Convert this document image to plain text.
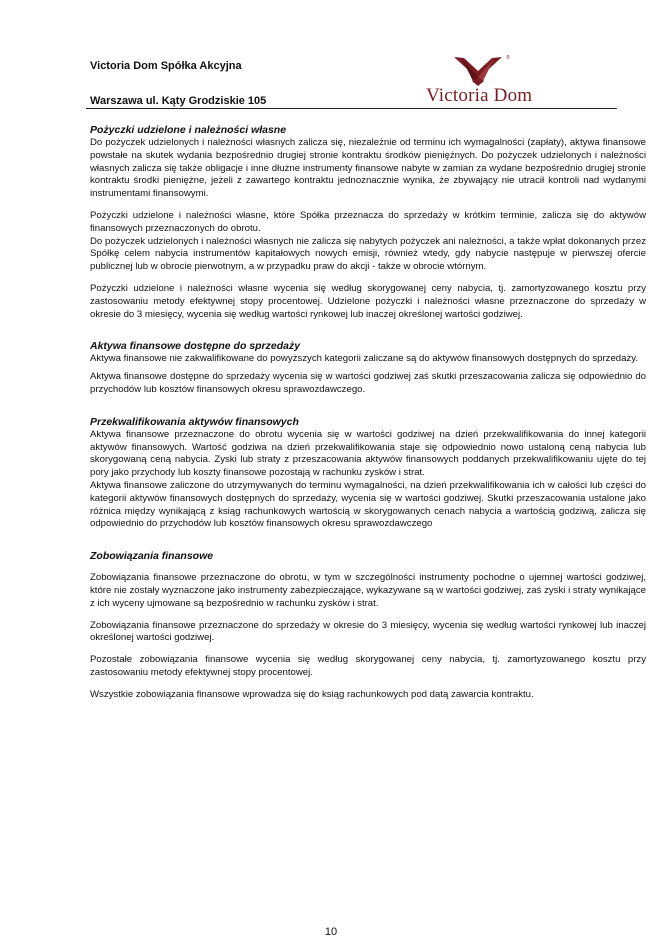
Victoria Dom Spółka Akcyjna
Warszawa ul. Kąty Grodziskie 105
®
Victoria Dom
Pożyczki udzielone i należności własne
Do pożyczek udzielonych i należności własnych zalicza się, niezależnie od terminu ich wymagalności (zapłaty), aktywa finansowe powstałe na skutek wydania bezpośrednio drugiej stronie kontraktu środków pieniężnych. Do pożyczek udzielonych i należności własnych zalicza się także obligacje i inne dłużne instrumenty finansowe nabyte w zamian za wydane bezpośrednio drugiej stronie kontraktu środki pieniężne, jeżeli z zawartego kontraktu jednoznacznie wynika, że zbywający nie utracił kontroli nad wydanymi instrumentami finansowymi.
Pożyczki udzielone i należności własne, które Spółka przeznacza do sprzedaży w krótkim terminie, zalicza się do aktywów finansowych przeznaczonych do obrotu.
Do pożyczek udzielonych i należności własnych nie zalicza się nabytych pożyczek ani należności, a także wpłat dokonanych przez Spółkę celem nabycia instrumentów kapitałowych nowych emisji, również wtedy, gdy nabycie następuje w pierwszej ofercie publicznej lub w obrocie pierwotnym, a w przypadku praw do akcji - także w obrocie wtórnym.
Pożyczki udzielone i należności własne wycenia się według skorygowanej ceny nabycia, tj. zamortyzowanego kosztu przy zastosowaniu metody efektywnej stopy procentowej. Udzielone pożyczki i należności własne przeznaczone do sprzedaży w okresie do 3 miesięcy, wycenia się według wartości rynkowej lub inaczej określonej wartości godziwej.
Aktywa finansowe dostępne do sprzedaży
Aktywa finansowe nie zakwalifikowane do powyższych kategorii zaliczane są do aktywów finansowych dostępnych do sprzedaży.
Aktywa finansowe dostępne do sprzedaży wycenia się w wartości godziwej zaś skutki przeszacowania zalicza się odpowiednio do przychodów lub kosztów finansowych okresu sprawozdawczego.
Przekwalifikowania aktywów finansowych
Aktywa finansowe przeznaczone do obrotu wycenia się w wartości godziwej na dzień przekwalifikowania do innej kategorii aktywów finansowych. Wartość godziwa na dzień przekwalifikowania staje się odpowiednio nowo ustaloną ceną nabycia lub skorygowaną ceną nabycia. Zyski lub straty z przeszacowania aktywów finansowych poddanych przekwalifikowaniu ujęte do tej pory jako przychody lub koszty finansowe pozostają w rachunku zysków i strat.
Aktywa finansowe zaliczone do utrzymywanych do terminu wymagalności, na dzień przekwalifikowania ich w całości lub części do kategorii aktywów finansowych dostępnych do sprzedaży, wycenia się w wartości godziwej. Skutki przeszacowania ustalone jako różnica między wynikającą z ksiąg rachunkowych wartością w skorygowanych cenach nabycia a wartością godziwą, zalicza się odpowiednio do przychodów lub kosztów finansowych okresu sprawozdawczego
Zobowiązania finansowe
Zobowiązania finansowe przeznaczone do obrotu, w tym w szczególności instrumenty pochodne o ujemnej wartości godziwej, które nie zostały wyznaczone jako instrumenty zabezpieczające, wykazywane są w wartości godziwej, zaś zyski i straty wynikające z ich wyceny ujmowane są bezpośrednio w rachunku zysków i strat.
Zobowiązania finansowe przeznaczone do sprzedaży w okresie do 3 miesięcy, wycenia się według wartości rynkowej lub inaczej określonej wartości godziwej.
Pozostałe zobowiązania finansowe wycenia się według skorygowanej ceny nabycia, tj. zamortyzowanego kosztu przy zastosowaniu metody efektywnej stopy procentowej.
Wszystkie zobowiązania finansowe wprowadza się do ksiąg rachunkowych pod datą zawarcia kontraktu.
10
